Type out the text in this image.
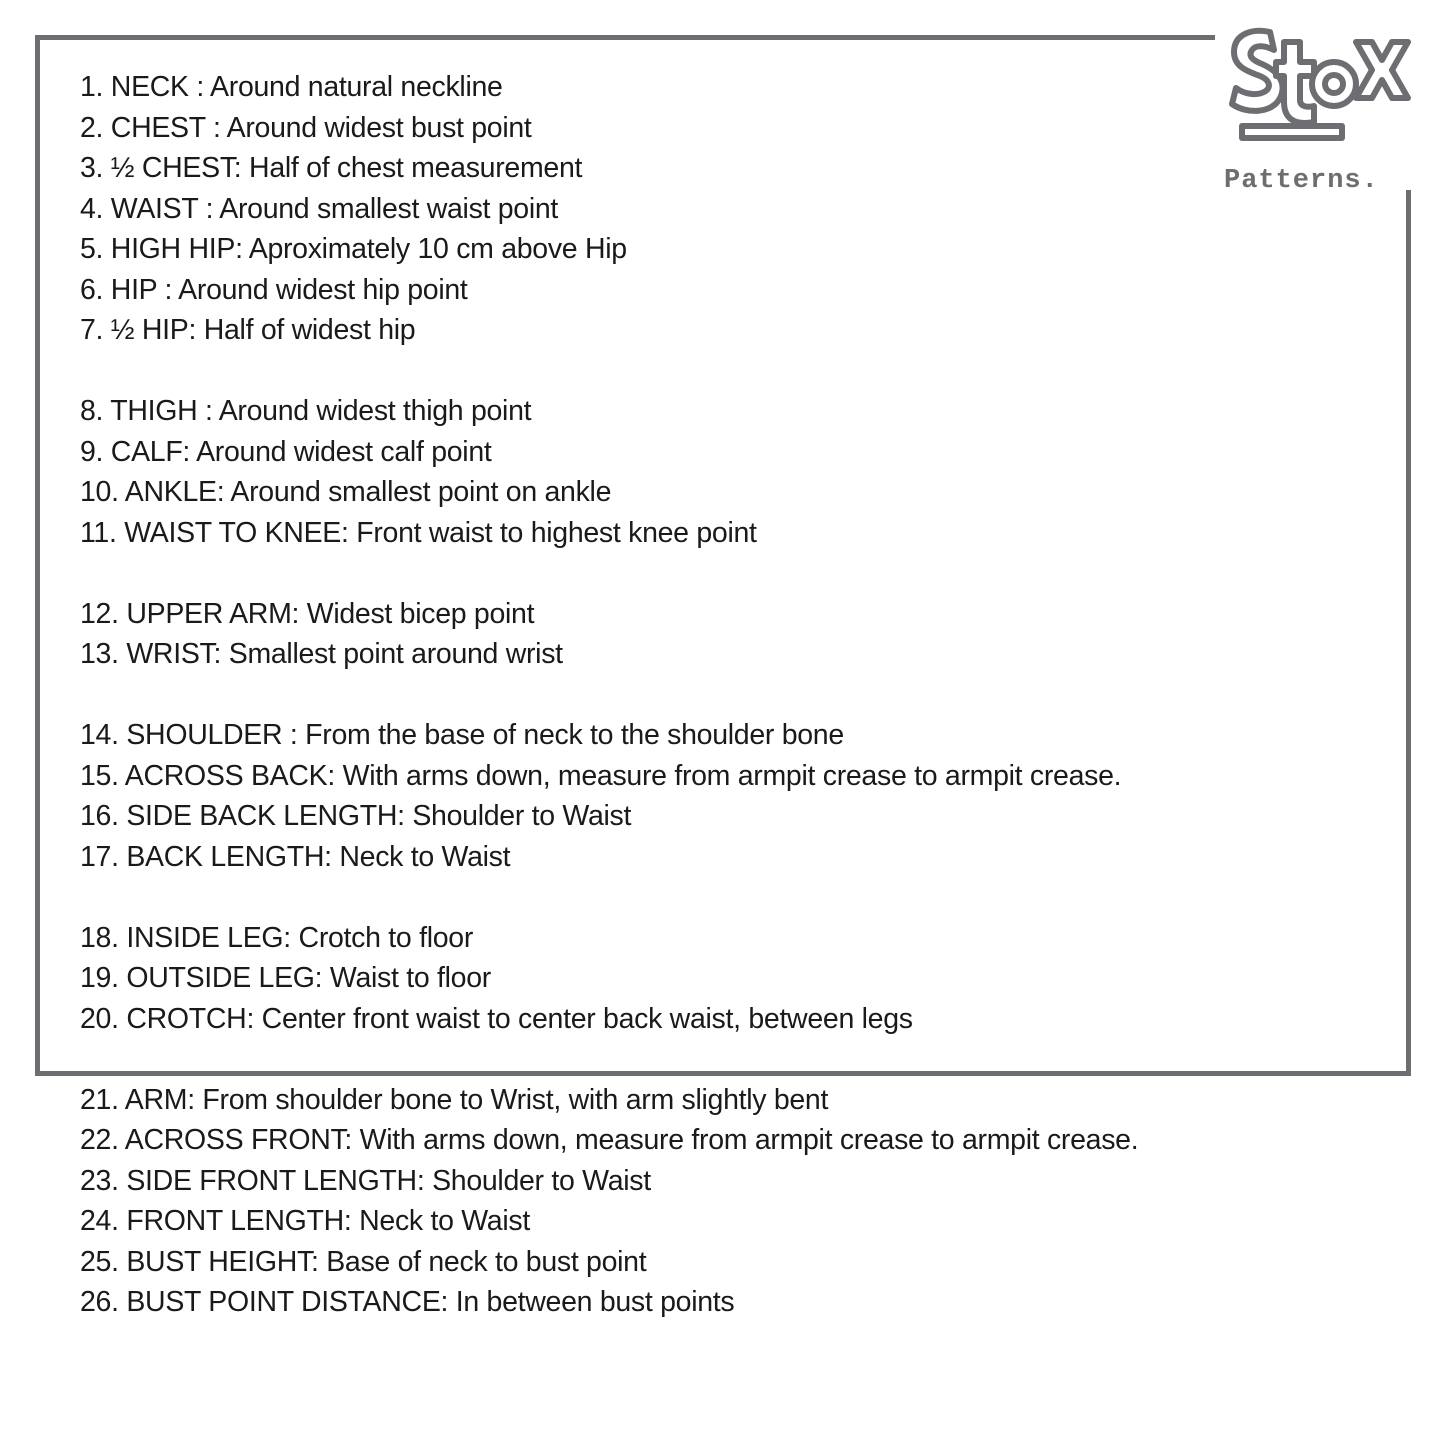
Patterns.
1. NECK : Around natural neckline
2. CHEST : Around widest bust point
3. ½ CHEST: Half of chest measurement
4. WAIST : Around smallest waist point
5. HIGH HIP: Aproximately 10 cm above Hip
6. HIP : Around widest hip point
7. ½ HIP: Half of widest hip
8. THIGH : Around widest thigh point
9. CALF: Around widest calf point
10. ANKLE: Around smallest point on ankle
11. WAIST TO KNEE: Front waist to highest knee point
12. UPPER ARM: Widest bicep point
13. WRIST: Smallest point around wrist
14. SHOULDER : From the base of neck to the shoulder bone
15. ACROSS BACK: With arms down, measure from armpit crease to armpit crease.
16. SIDE BACK LENGTH: Shoulder to Waist
17. BACK LENGTH: Neck to Waist
18. INSIDE LEG: Crotch to floor
19. OUTSIDE LEG: Waist to floor
20. CROTCH: Center front waist to center back waist, between legs
21. ARM: From shoulder bone to Wrist, with arm slightly bent
22. ACROSS FRONT: With arms down, measure from armpit crease to armpit crease.
23. SIDE FRONT LENGTH: Shoulder to Waist
24. FRONT LENGTH: Neck to Waist
25. BUST HEIGHT: Base of neck to bust point
26. BUST POINT DISTANCE: In between bust points
